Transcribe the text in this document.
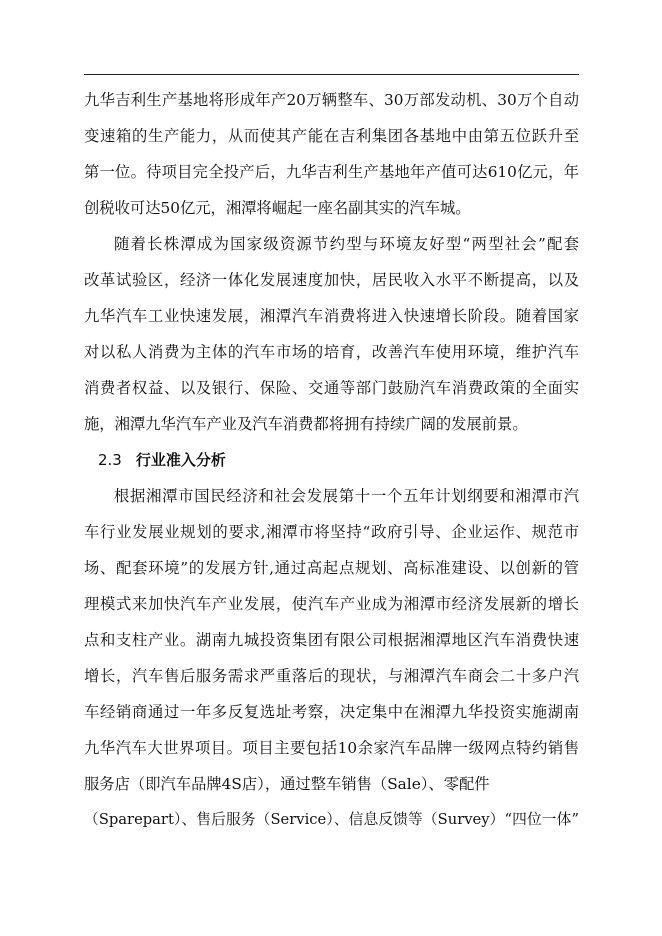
九华吉利生产基地将形成年产20万辆整车、30万部发动机、30万个自动
变速箱的生产能力，从而使其产能在吉利集团各基地中由第五位跃升至
第一位。待项目完全投产后，九华吉利生产基地年产值可达610亿元，年
创税收可达50亿元，湘潭将崛起一座名副其实的汽车城。
随着长株潭成为国家级资源节约型与环境友好型“两型社会”配套
改革试验区，经济一体化发展速度加快，居民收入水平不断提高，以及
九华汽车工业快速发展，湘潭汽车消费将进入快速增长阶段。随着国家
对以私人消费为主体的汽车市场的培育，改善汽车使用环境，维护汽车
消费者权益、以及银行、保险、交通等部门鼓励汽车消费政策的全面实
施，湘潭九华汽车产业及汽车消费都将拥有持续广阔的发展前景。
2.3 行业准入分析
根据湘潭市国民经济和社会发展第十一个五年计划纲要和湘潭市汽
车行业发展业规划的要求,湘潭市将坚持“政府引导、企业运作、规范市
场、配套环境”的发展方针,通过高起点规划、高标准建设、以创新的管
理模式来加快汽车产业发展，使汽车产业成为湘潭市经济发展新的增长
点和支柱产业。湖南九城投资集团有限公司根据湘潭地区汽车消费快速
增长，汽车售后服务需求严重落后的现状，与湘潭汽车商会二十多户汽
车经销商通过一年多反复选址考察，决定集中在湘潭九华投资实施湖南
九华汽车大世界项目。项目主要包括10余家汽车品牌一级网点特约销售
服务店（即汽车品牌4S店），通过整车销售（Sale）、零配件
（Sparepart）、售后服务（Service）、信息反馈等（Survey）“四位一体”
